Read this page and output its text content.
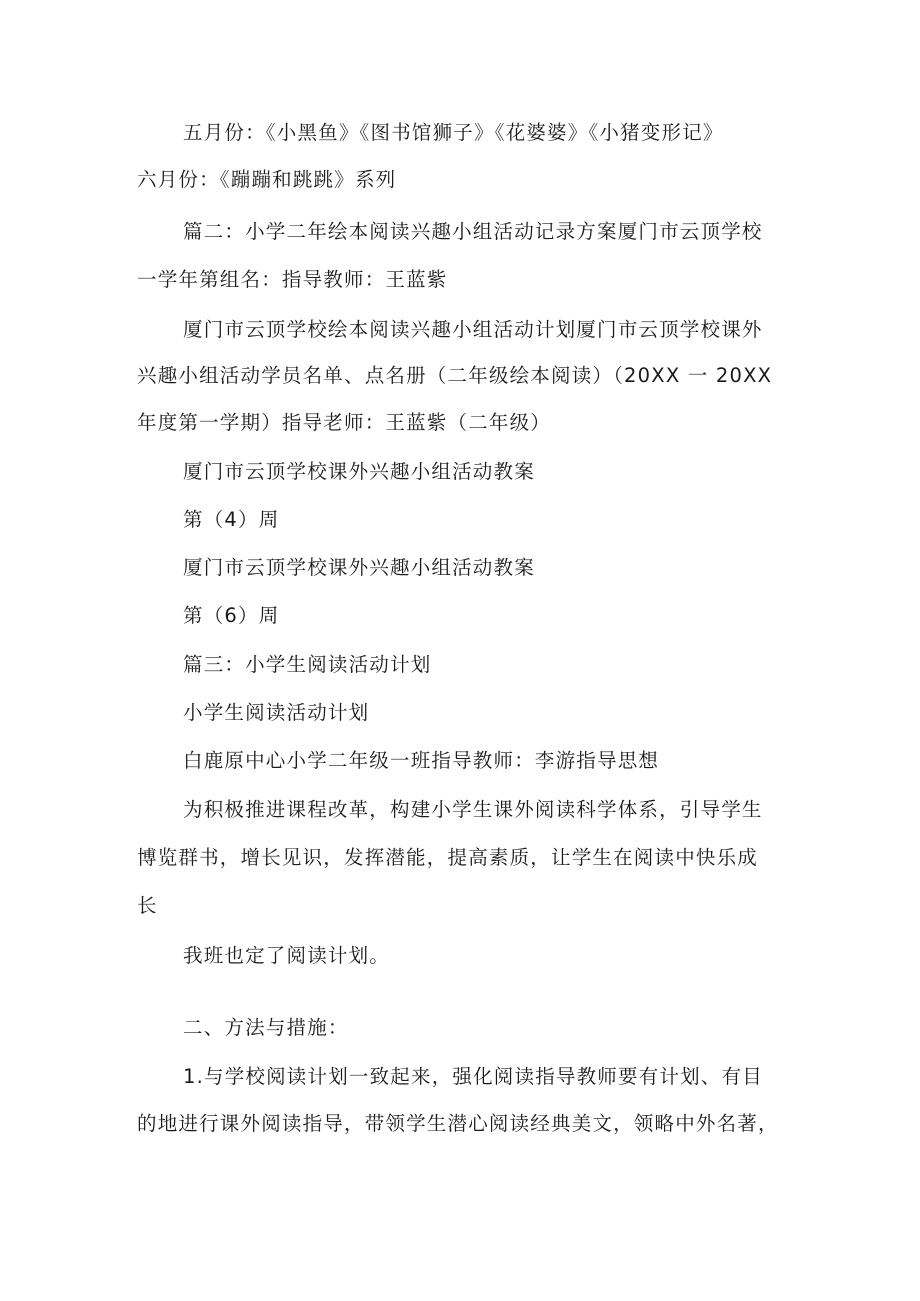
五月份：《小黑鱼》《图书馆狮子》《花婆婆》《小猪变形记》
六月份：《蹦蹦和跳跳》系列
篇二：小学二年绘本阅读兴趣小组活动记录方案厦门市云顶学校
一学年第组名：指导教师：王蓝紫
厦门市云顶学校绘本阅读兴趣小组活动计划厦门市云顶学校课外
兴趣小组活动学员名单、点名册（二年级绘本阅读）（20XX 一 20XX
年度第一学期）指导老师：王蓝紫（二年级）
厦门市云顶学校课外兴趣小组活动教案
第（4）周
厦门市云顶学校课外兴趣小组活动教案
第（6）周
篇三：小学生阅读活动计划
小学生阅读活动计划
白鹿原中心小学二年级一班指导教师：李游指导思想
为积极推进课程改革，构建小学生课外阅读科学体系，引导学生
博览群书，增长见识，发挥潜能，提高素质，让学生在阅读中快乐成
长
我班也定了阅读计划。
二、方法与措施：
1.与学校阅读计划一致起来，强化阅读指导教师要有计划、有目
的地进行课外阅读指导，带领学生潜心阅读经典美文，领略中外名著，
